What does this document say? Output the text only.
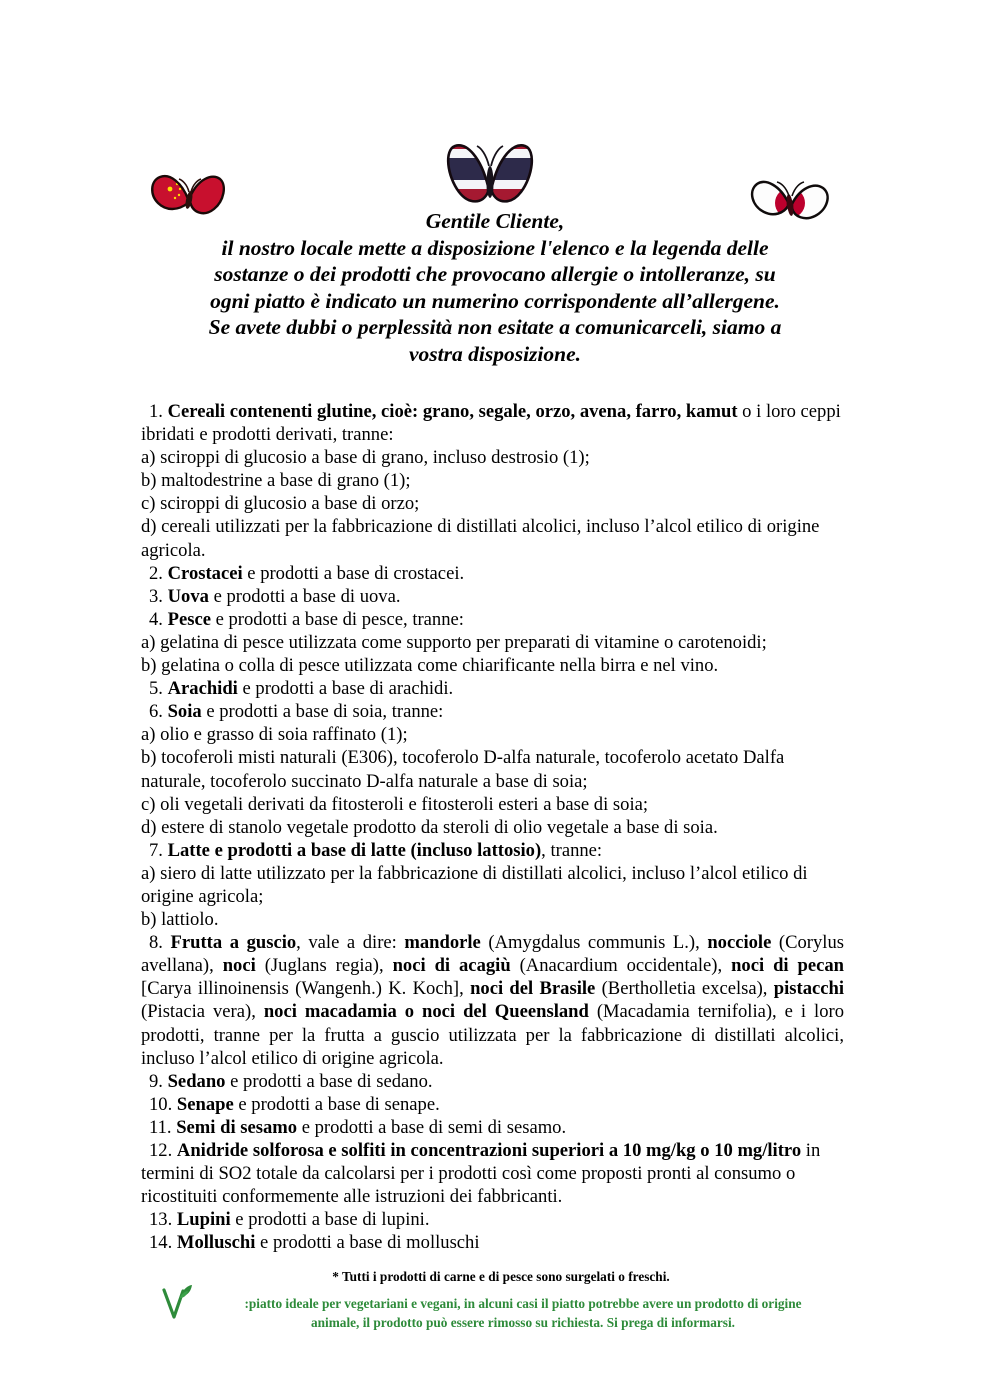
Gentile Cliente,
il nostro locale mette a disposizione l'elenco e la legenda delle
sostanze o dei prodotti che provocano allergie o intolleranze, su
ogni piatto è indicato un numerino corrispondente all’allergene.
Se avete dubbi o perplessità non esitate a comunicarceli, siamo a
vostra disposizione.

1. Cereali contenenti glutine, cioè: grano, segale, orzo, avena, farro, kamut o i loro ceppi ibridati e prodotti derivati, tranne:

a) sciroppi di glucosio a base di grano, incluso destrosio (1);

b) maltodestrine a base di grano (1);

c) sciroppi di glucosio a base di orzo;

d) cereali utilizzati per la fabbricazione di distillati alcolici, incluso l’alcol etilico di origine agricola.

2. Crostacei e prodotti a base di crostacei.

3. Uova e prodotti a base di uova.

4. Pesce e prodotti a base di pesce, tranne:

a) gelatina di pesce utilizzata come supporto per preparati di vitamine o carotenoidi;

b) gelatina o colla di pesce utilizzata come chiarificante nella birra e nel vino.

5. Arachidi e prodotti a base di arachidi.

6. Soia e prodotti a base di soia, tranne:

a) olio e grasso di soia raffinato (1);

b) tocoferoli misti naturali (E306), tocoferolo D-alfa naturale, tocoferolo acetato Dalfa naturale, tocoferolo succinato D-alfa naturale a base di soia;

c) oli vegetali derivati da fitosteroli e fitosteroli esteri a base di soia;

d) estere di stanolo vegetale prodotto da steroli di olio vegetale a base di soia.

7. Latte e prodotti a base di latte (incluso lattosio), tranne:

a) siero di latte utilizzato per la fabbricazione di distillati alcolici, incluso l’alcol etilico di origine agricola;

b) lattiolo.

8. Frutta a guscio, vale a dire: mandorle (Amygdalus communis L.), nocciole (Corylus avellana), noci (Juglans regia), noci di acagiù (Anacardium occidentale), noci di pecan [Carya illinoinensis (Wangenh.) K. Koch], noci del Brasile (Bertholletia excelsa), pistacchi (Pistacia vera), noci macadamia o noci del Queensland (Macadamia ternifolia), e i loro prodotti, tranne per la frutta a guscio utilizzata per la fabbricazione di distillati alcolici, incluso l’alcol etilico di origine agricola.

9. Sedano e prodotti a base di sedano.

10. Senape e prodotti a base di senape.

11. Semi di sesamo e prodotti a base di semi di sesamo.

12. Anidride solforosa e solfiti in concentrazioni superiori a 10 mg/kg o 10 mg/litro in termini di SO2 totale da calcolarsi per i prodotti così come proposti pronti al consumo o ricostituiti conformemente alle istruzioni dei fabbricanti.

13. Lupini e prodotti a base di lupini.

14. Molluschi e prodotti a base di molluschi

* Tutti i prodotti di carne e di pesce sono surgelati o freschi.

:piatto ideale per vegetariani e vegani, in alcuni casi il piatto potrebbe avere un prodotto di origine
animale, il prodotto può essere rimosso su richiesta. Si prega di informarsi.
